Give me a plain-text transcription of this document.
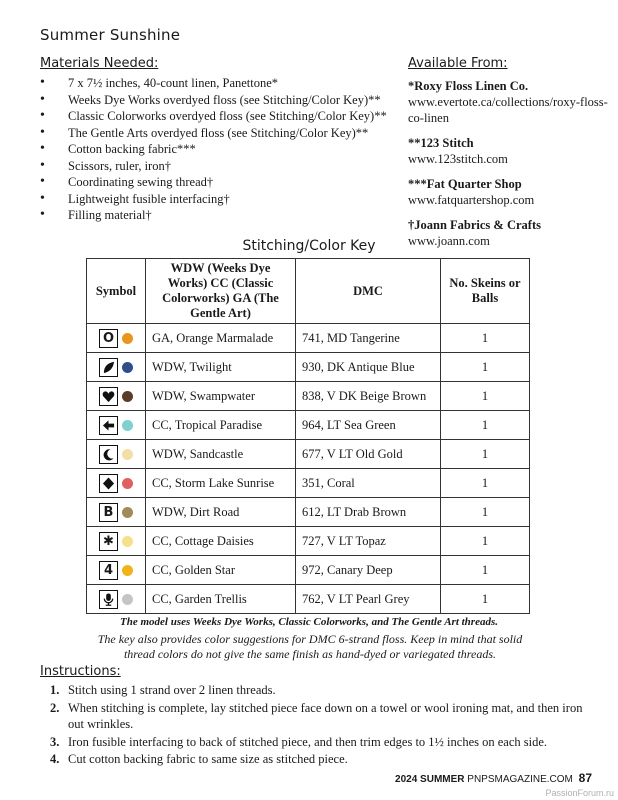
Summer Sunshine
Materials Needed:
• 7 x 7½ inches, 40-count linen, Panettone*
• Weeks Dye Works overdyed floss (see Stitching/Color Key)**
• Classic Colorworks overdyed floss (see Stitching/Color Key)**
• The Gentle Arts overdyed floss (see Stitching/Color Key)**
• Cotton backing fabric***
• Scissors, ruler, iron†
• Coordinating sewing thread†
• Lightweight fusible interfacing†
• Filling material†
Available From:
*Roxy Floss Linen Co.
www.evertote.ca/collections/roxy-floss-co-linen
**123 Stitch
www.123stitch.com
***Fat Quarter Shop
www.fatquartershop.com
†Joann Fabrics & Crafts
www.joann.com
Stitching/Color Key
Symbol	WDW (Weeks Dye Works) CC (Classic Colorworks) GA (The Gentle Art)	DMC	No. Skeins or Balls

O	GA, Orange Marmalade	741, MD Tangerine	1

	WDW, Twilight	930, DK Antique Blue	1

	WDW, Swampwater	838, V DK Beige Brown	1

	CC, Tropical Paradise	964, LT Sea Green	1

	WDW, Sandcastle	677, V LT Old Gold	1

	CC, Storm Lake Sunrise	351, Coral	1

B	WDW, Dirt Road	612, LT Drab Brown	1

✱	CC, Cottage Daisies	727, V LT Topaz	1

4	CC, Golden Star	972, Canary Deep	1

	CC, Garden Trellis	762, V LT Pearl Grey	1
The model uses Weeks Dye Works, Classic Colorworks, and The Gentle Art threads.
The key also provides color suggestions for DMC 6-strand floss. Keep in mind that solid thread colors do not give the same finish as hand-dyed or variegated threads.
Instructions:
1. Stitch using 1 strand over 2 linen threads.
2. When stitching is complete, lay stitched piece face down on a towel or wool ironing mat, and then iron out wrinkles.
3. Iron fusible interfacing to back of stitched piece, and then trim edges to 1½ inches on each side.
4. Cut cotton backing fabric to same size as stitched piece.
2024 SUMMER PNPSMAGAZINE.COM 87
PassionForum.ru
